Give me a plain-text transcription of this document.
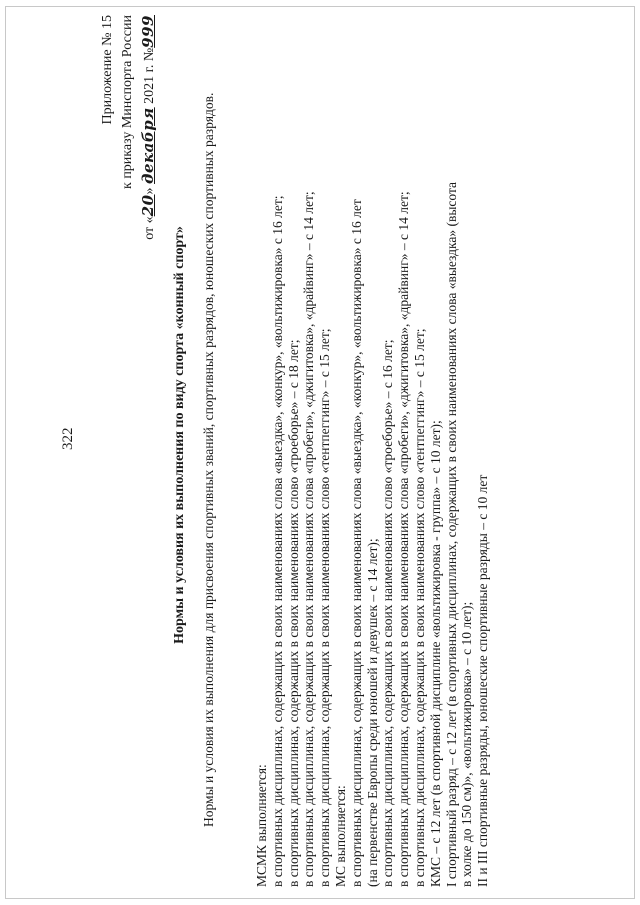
322
Приложение № 15 к приказу Минспорта России
от «20» декабря 2021 г. №999
Нормы и условия их выполнения по виду спорта «конный спорт» Нормы и условия их выполнения для присвоения спортивных званий, спортивных разрядов, юношеских спортивных разрядов.	МСМК выполняется: в спортивных дисциплинах, содержащих в своих наименованиях слова «выездка», «конкур», «вольтижировка» с 16 лет; в спортивных дисциплинах, содержащих в своих наименованиях слово «троеборье» – с 18 лет; в спортивных дисциплинах, содержащих в своих наименованиях слова «пробеги», «джигитовка», «драйвинг» – с 14 лет; в спортивных дисциплинах, содержащих в своих наименованиях слово «тентпеггинг» – с 15 лет; МС выполняется: в спортивных дисциплинах, содержащих в своих наименованиях слова «выездка», «конкур», «вольтижировка» с 16 лет (на первенстве Европы среди юношей и девушек – с 14 лет); в спортивных дисциплинах, содержащих в своих наименованиях слово «троеборье» – с 16 лет; в спортивных дисциплинах, содержащих в своих наименованиях слова «пробеги», «джигитовка», «драйвинг» – с 14 лет; в спортивных дисциплинах, содержащих в своих наименованиях слово «тентпеггинг» – с 15 лет; КМС – с 12 лет (в спортивной дисциплине «вольтижировка - группа» – с 10 лет); I спортивный разряд – с 12 лет (в спортивных дисциплинах, содержащих в своих наименованиях слова «выездка» (высота в холке до 150 см)», «вольтижировка» – с 10 лет); II и III спортивные разряды, юношеские спортивные разряды – с 10 лет
